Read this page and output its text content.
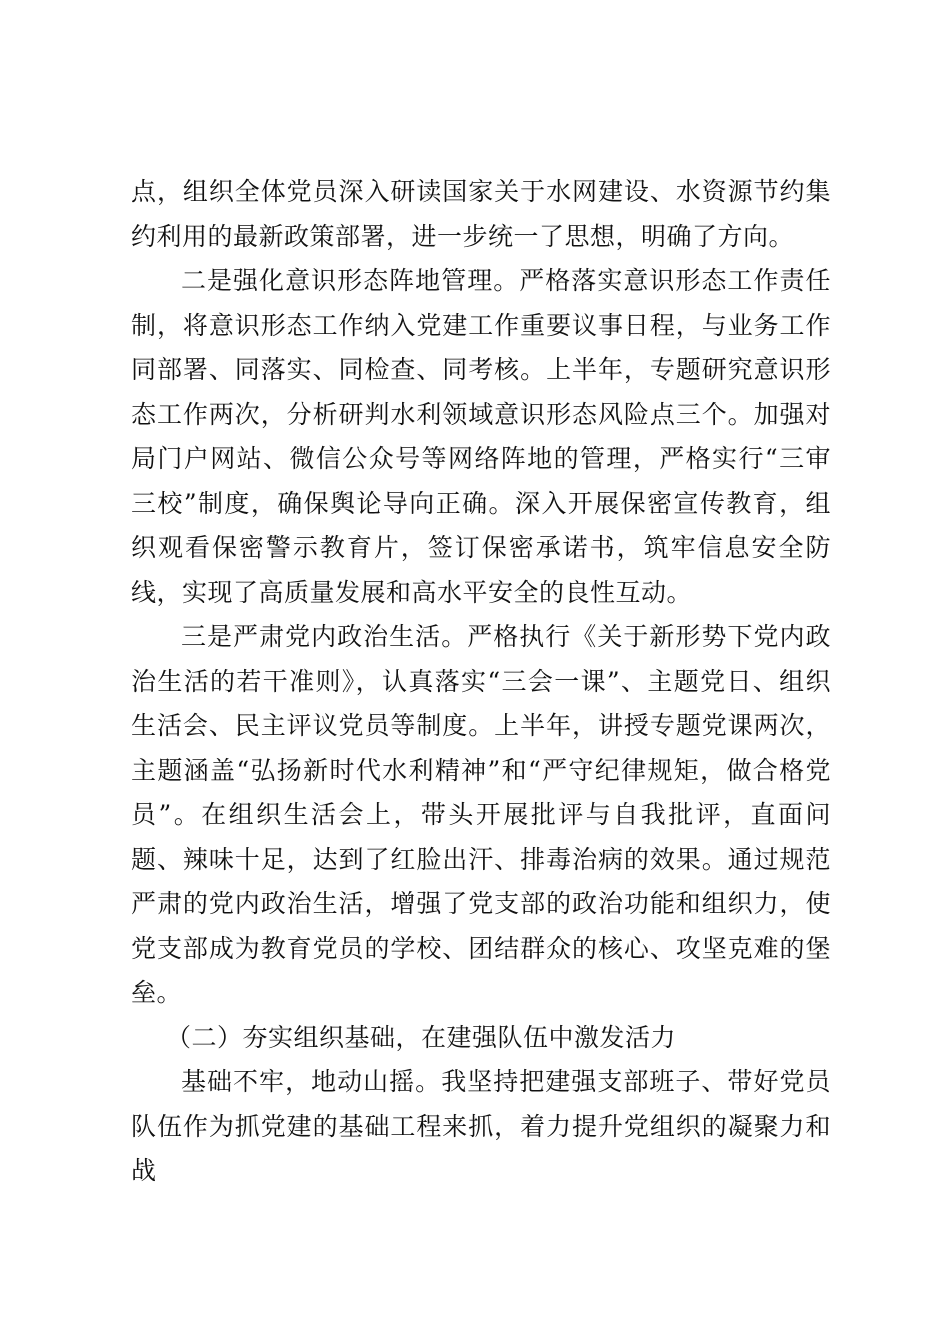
点，组织全体党员深入研读国家关于水网建设、水资源节约集约利用的最新政策部署，进一步统一了思想，明确了方向。

二是强化意识形态阵地管理。严格落实意识形态工作责任制，将意识形态工作纳入党建工作重要议事日程，与业务工作同部署、同落实、同检查、同考核。上半年，专题研究意识形态工作两次，分析研判水利领域意识形态风险点三个。加强对局门户网站、微信公众号等网络阵地的管理，严格实行“三审三校”制度，确保舆论导向正确。深入开展保密宣传教育，组织观看保密警示教育片，签订保密承诺书，筑牢信息安全防线，实现了高质量发展和高水平安全的良性互动。

三是严肃党内政治生活。严格执行《关于新形势下党内政治生活的若干准则》，认真落实“三会一课”、主题党日、组织生活会、民主评议党员等制度。上半年，讲授专题党课两次，主题涵盖“弘扬新时代水利精神”和“严守纪律规矩，做合格党员”。在组织生活会上，带头开展批评与自我批评，直面问题、辣味十足，达到了红脸出汗、排毒治病的效果。通过规范严肃的党内政治生活，增强了党支部的政治功能和组织力，使党支部成为教育党员的学校、团结群众的核心、攻坚克难的堡垒。

（二）夯实组织基础，在建强队伍中激发活力

基础不牢，地动山摇。我坚持把建强支部班子、带好党员队伍作为抓党建的基础工程来抓，着力提升党组织的凝聚力和战
